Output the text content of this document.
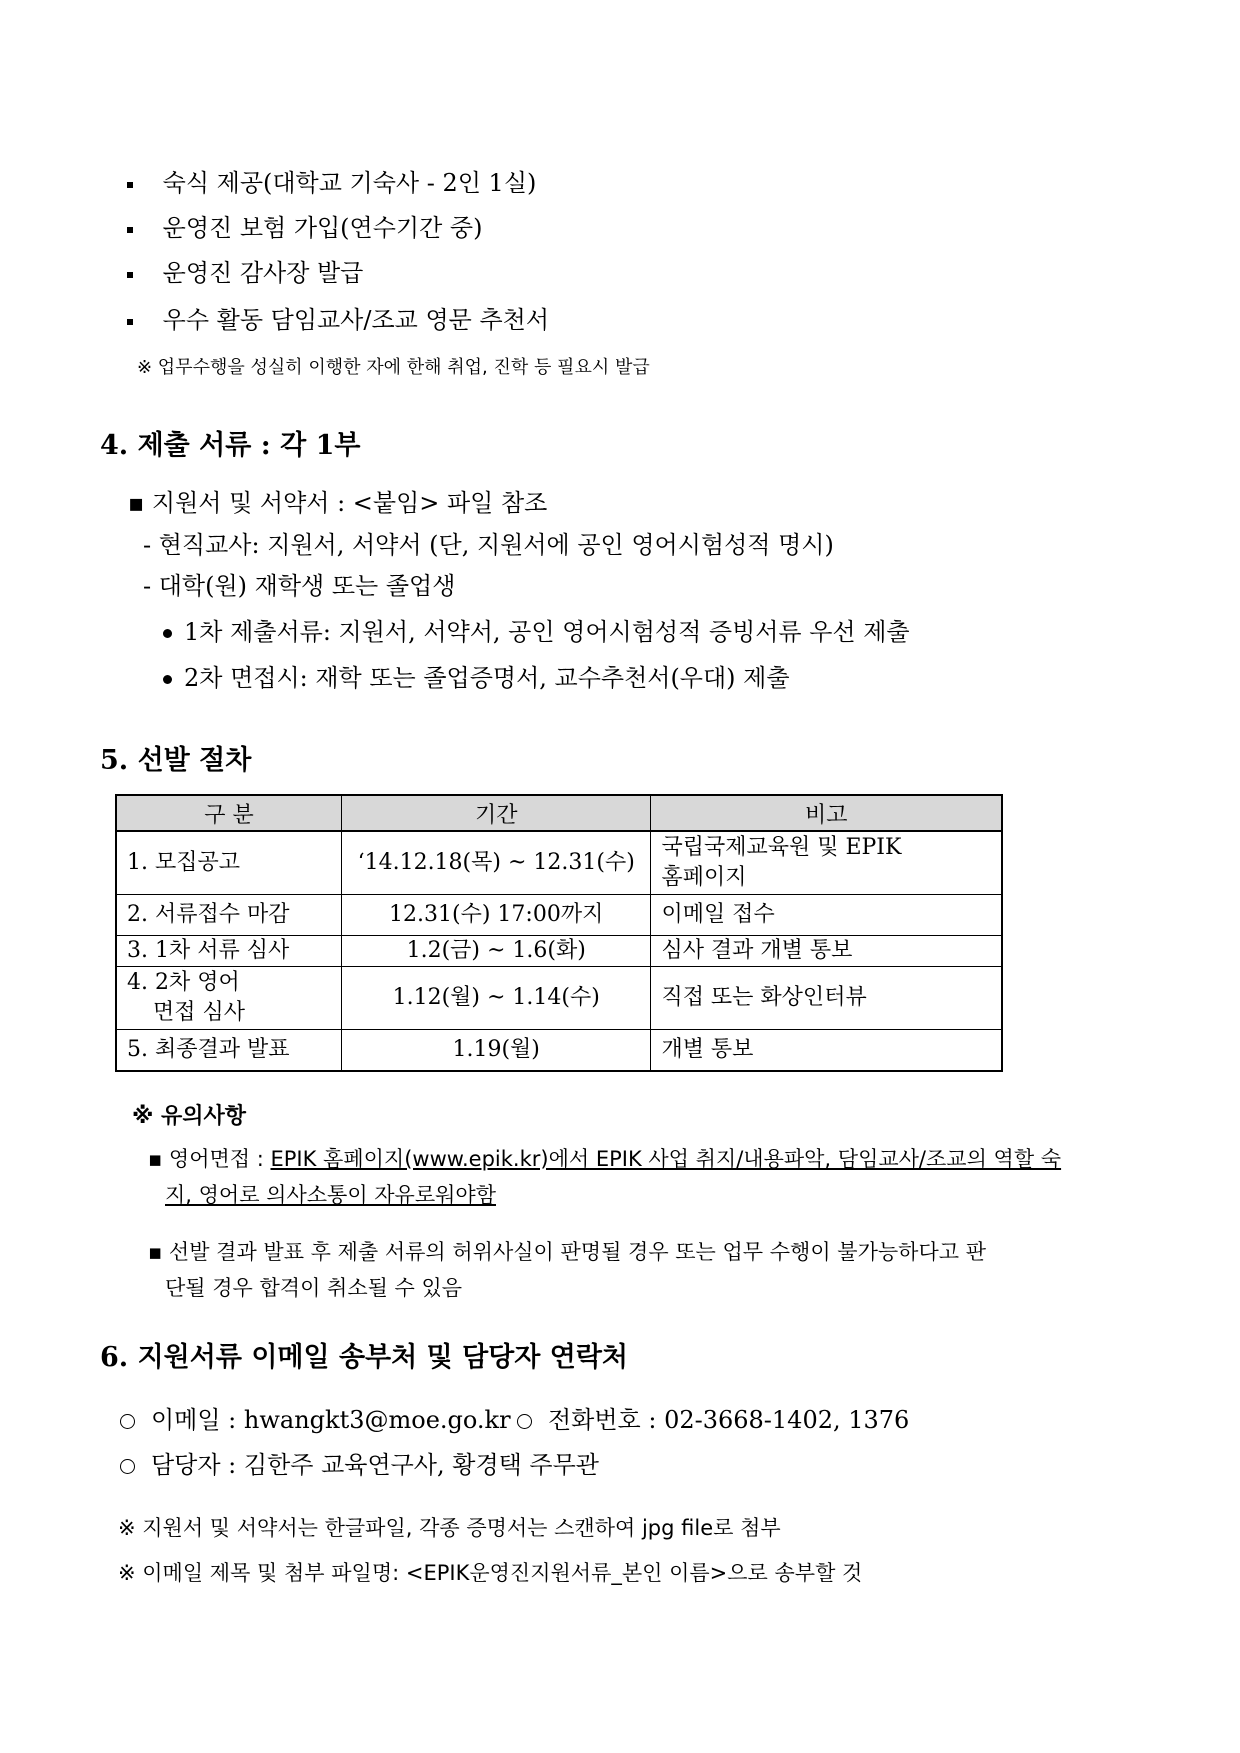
숙식 제공(대학교 기숙사 - 2인 1실)
운영진 보험 가입(연수기간 중)
운영진 감사장 발급
우수 활동 담임교사/조교 영문 추천서
※ 업무수행을 성실히 이행한 자에 한해 취업, 진학 등 필요시 발급
4. 제출 서류 : 각 1부
▪ 지원서 및 서약서 : <붙임> 파일 참조
- 현직교사: 지원서, 서약서 (단, 지원서에 공인 영어시험성적 명시)
- 대학(원) 재학생 또는 졸업생
1차 제출서류: 지원서, 서약서, 공인 영어시험성적 증빙서류 우선 제출
2차 면접시: 재학 또는 졸업증명서, 교수추천서(우대) 제출
5. 선발 절차
구 분	기간	비고
1. 모집공고	‘14.12.18(목) ~ 12.31(수)	국립국제교육원 및 EPIK
홈페이지

2. 서류접수 마감	12.31(수) 17:00까지	이메일 접수
3. 1차 서류 심사	1.2(금) ~ 1.6(화)	심사 결과 개별 통보

4. 2차 영어
면접 심사	1.12(월) ~ 1.14(수)	직접 또는 화상인터뷰
5. 최종결과 발표	1.19(월)	개별 통보
※ 유의사항
▪ 영어면접 : EPIK 홈페이지(www.epik.kr)에서 EPIK 사업 취지/내용파악, 담임교사/조교의 역할 숙
지, 영어로 의사소통이 자유로워야함
▪ 선발 결과 발표 후 제출 서류의 허위사실이 판명될 경우 또는 업무 수행이 불가능하다고 판
단될 경우 합격이 취소될 수 있음
6. 지원서류 이메일 송부처 및 담당자 연락처
이메일 : hwangkt3@moe.go.kr	전화번호 : 02-3668-1402, 1376
담당자 : 김한주 교육연구사, 황경택 주무관
※ 지원서 및 서약서는 한글파일, 각종 증명서는 스캔하여 jpg file로 첨부
※ 이메일 제목 및 첨부 파일명: <EPIK운영진지원서류_본인 이름>으로 송부할 것
